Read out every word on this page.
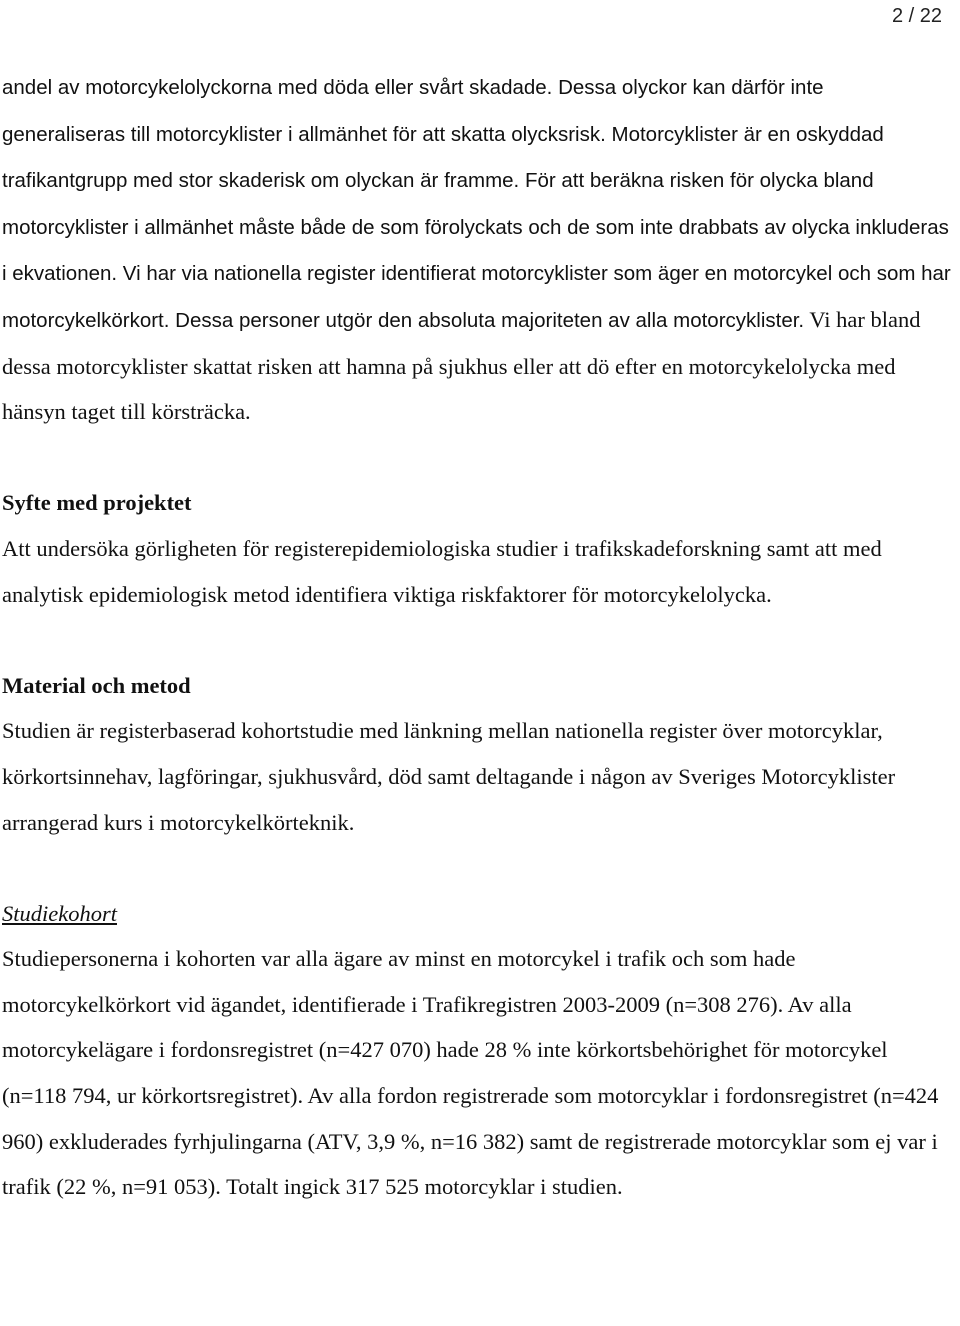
2 / 22

andel av motorcykelolyckorna med döda eller svårt skadade. Dessa olyckor kan därför inte generaliseras till motorcyklister i allmänhet för att skatta olycksrisk. Motorcyklister är en oskyddad trafikantgrupp med stor skaderisk om olyckan är framme. För att beräkna risken för olycka bland motorcyklister i allmänhet måste både de som förolyckats och de som inte drabbats av olycka inkluderas i ekvationen. Vi har via nationella register identifierat motorcyklister som äger en motorcykel och som har motorcykelkörkort. Dessa personer utgör den absoluta majoriteten av alla motorcyklister. Vi har bland dessa motorcyklister skattat risken att hamna på sjukhus eller att dö efter en motorcykelolycka med hänsyn taget till körsträcka.

Syfte med projektet

Att undersöka görligheten för registerepidemiologiska studier i trafikskadeforskning samt att med analytisk epidemiologisk metod identifiera viktiga riskfaktorer för motorcykelolycka.

Material och metod

Studien är registerbaserad kohortstudie med länkning mellan nationella register över motorcyklar, körkortsinnehav, lagföringar, sjukhusvård, död samt deltagande i någon av Sveriges Motorcyklister arrangerad kurs i motorcykelkörteknik.

Studiekohort

Studiepersonerna i kohorten var alla ägare av minst en motorcykel i trafik och som hade motorcykelkörkort vid ägandet, identifierade i Trafikregistren 2003-2009 (n=308 276). Av alla motorcykelägare i fordonsregistret (n=427 070) hade 28 % inte körkortsbehörighet för motorcykel (n=118 794, ur körkortsregistret). Av alla fordon registrerade som motorcyklar i fordonsregistret (n=424 960) exkluderades fyrhjulingarna (ATV, 3,9 %, n=16 382) samt de registrerade motorcyklar som ej var i trafik (22 %, n=91 053). Totalt ingick 317 525 motorcyklar i studien.
